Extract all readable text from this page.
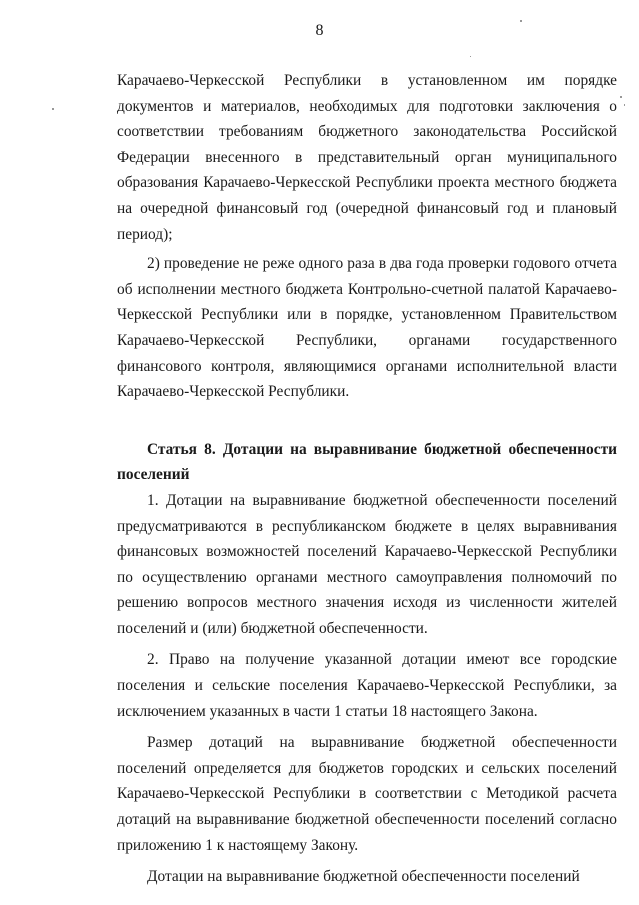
8

Карачаево-Черкесской Республики в установленном им порядке документов и материалов, необходимых для подготовки заключения о соответствии требованиям бюджетного законодательства Российской Федерации внесенного в представительный орган муниципального образования Карачаево-Черкесской Республики проекта местного бюджета на очередной финансовый год (очередной финансовый год и плановый период);

2) проведение не реже одного раза в два года проверки годового отчета об исполнении местного бюджета Контрольно-счетной палатой Карачаево-Черкесской Республики или в порядке, установленном Правительством Карачаево-Черкесской Республики, органами государственного финансового контроля, являющимися органами исполнительной власти Карачаево-Черкесской Республики.

Статья 8. Дотации на выравнивание бюджетной обеспеченности поселений

1. Дотации на выравнивание бюджетной обеспеченности поселений предусматриваются в республиканском бюджете в целях выравнивания финансовых возможностей поселений Карачаево-Черкесской Республики по осуществлению органами местного самоуправления полномочий по решению вопросов местного значения исходя из численности жителей поселений и (или) бюджетной обеспеченности.

2. Право на получение указанной дотации имеют все городские поселения и сельские поселения Карачаево-Черкесской Республики, за исключением указанных в части 1 статьи 18 настоящего Закона.

Размер дотаций на выравнивание бюджетной обеспеченности поселений определяется для бюджетов городских и сельских поселений Карачаево-Черкесской Республики в соответствии с Методикой расчета дотаций на выравнивание бюджетной обеспеченности поселений согласно приложению 1 к настоящему Закону.

Дотации на выравнивание бюджетной обеспеченности поселений
